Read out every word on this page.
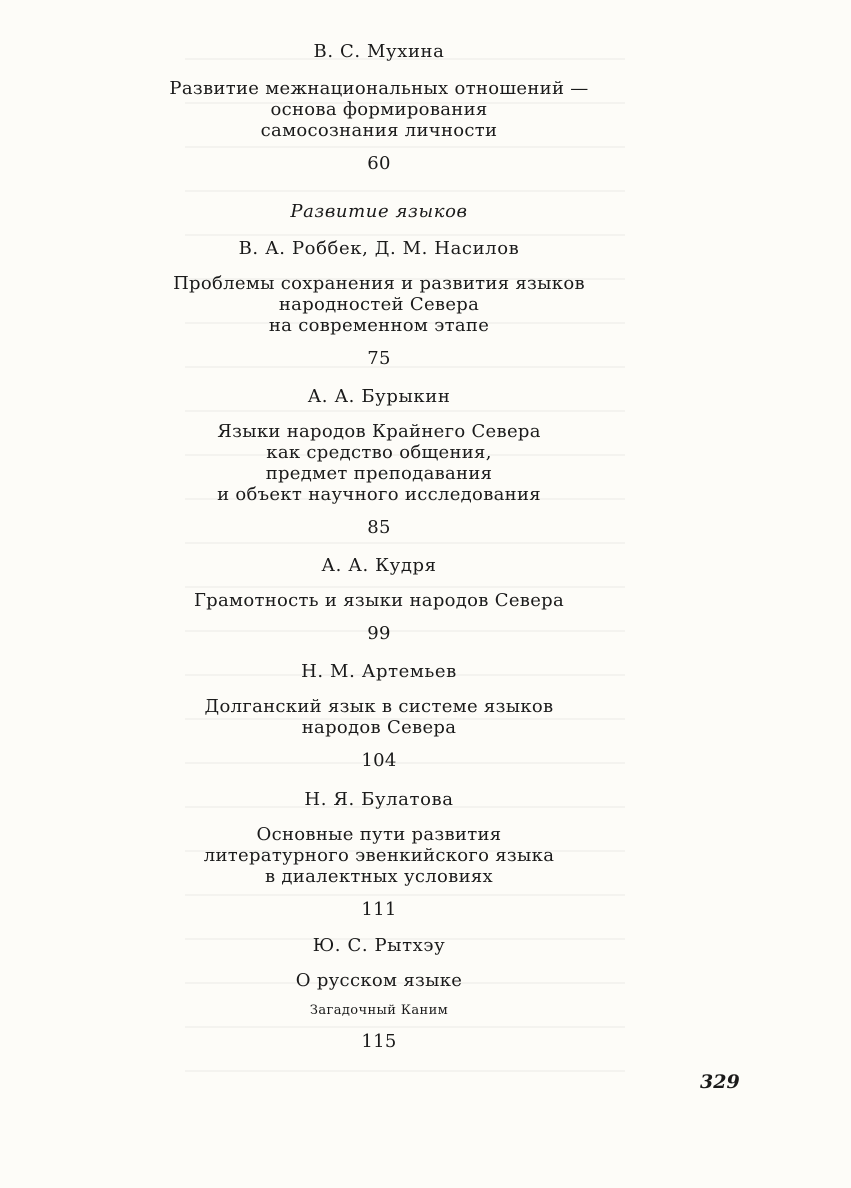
В. С. Мухина
Развитие межнациональных отношений —
основа формирования
самосознания личности
60
Развитие языков
В. А. Роббек, Д. М. Насилов
Проблемы сохранения и развития языков
народностей Севера
на современном этапе
75
А. А. Бурыкин
Языки народов Крайнего Севера
как средство общения,
предмет преподавания
и объект научного исследования
85
А. А. Кудря
Грамотность и языки народов Севера
99
Н. М. Артемьев
Долганский язык в системе языков
народов Севера
104
Н. Я. Булатова
Основные пути развития
литературного эвенкийского языка
в диалектных условиях
111
Ю. С. Рытхэу
О русском языке
Загадочный Каним
115
329
